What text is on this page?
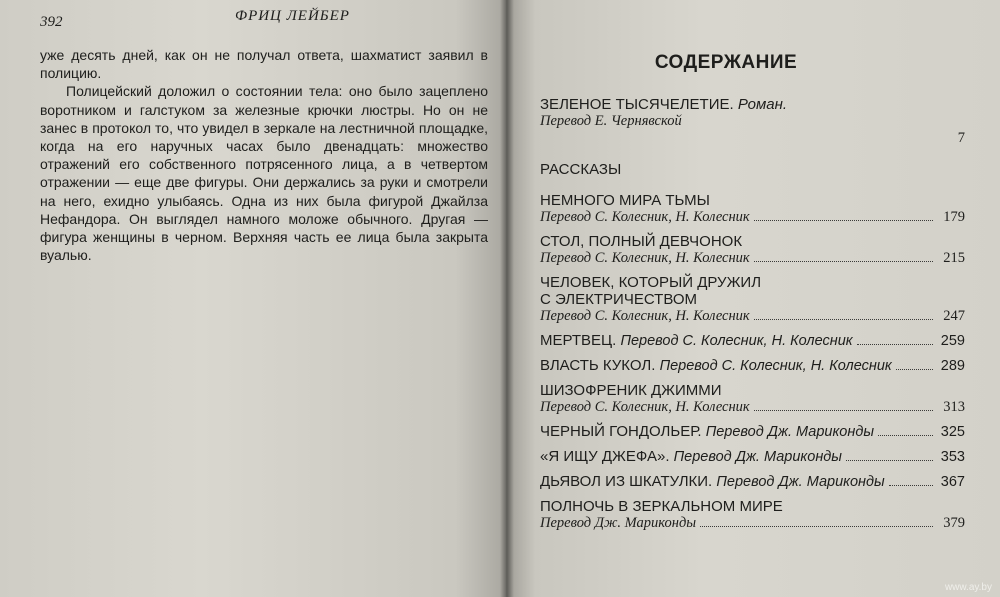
392	ФРИЦ ЛЕЙБЕР

уже десять дней, как он не получал ответа, шахматист заявил в полицию.

Полицейский доложил о состоянии тела: оно было зацеплено воротником и галстуком за железные крючки люстры. Но он не занес в протокол то, что увидел в зеркале на лестничной площадке, когда на его наручных часах было двенадцать: множество отражений его собственного потрясенного лица, а в четвертом отражении — еще две фигуры. Они держались за руки и смотрели на него, ехидно улыбаясь. Одна из них была фигурой Джайлза Нефандора. Он выглядел намного моложе обычного. Другая — фигура женщины в черном. Верхняя часть ее лица была закрыта вуалью.

СОДЕРЖАНИЕ
ЗЕЛЕНОЕ ТЫСЯЧЕЛЕТИЕ. Роман.
Перевод Е. Чернявской
7
РАССКАЗЫ
НЕМНОГО МИРА ТЬМЫ
Перевод С. Колесник, Н. Колесник	179
СТОЛ, ПОЛНЫЙ ДЕВЧОНОК
Перевод С. Колесник, Н. Колесник	215
ЧЕЛОВЕК, КОТОРЫЙ ДРУЖИЛ
С ЭЛЕКТРИЧЕСТВОМ
Перевод С. Колесник, Н. Колесник	247
МЕРТВЕЦ.
Перевод С. Колесник, Н. Колесник	259
ВЛАСТЬ КУКОЛ.
Перевод С. Колесник, Н. Колесник	289
ШИЗОФРЕНИК ДЖИММИ
Перевод С. Колесник, Н. Колесник	313
ЧЕРНЫЙ ГОНДОЛЬЕР.
Перевод Дж. Мариконды	325
«Я ИЩУ ДЖЕФА».
Перевод Дж. Мариконды	353
ДЬЯВОЛ ИЗ ШКАТУЛКИ.
Перевод Дж. Мариконды	367
ПОЛНОЧЬ В ЗЕРКАЛЬНОМ МИРЕ
Перевод Дж. Мариконды	379
www.ay.by
